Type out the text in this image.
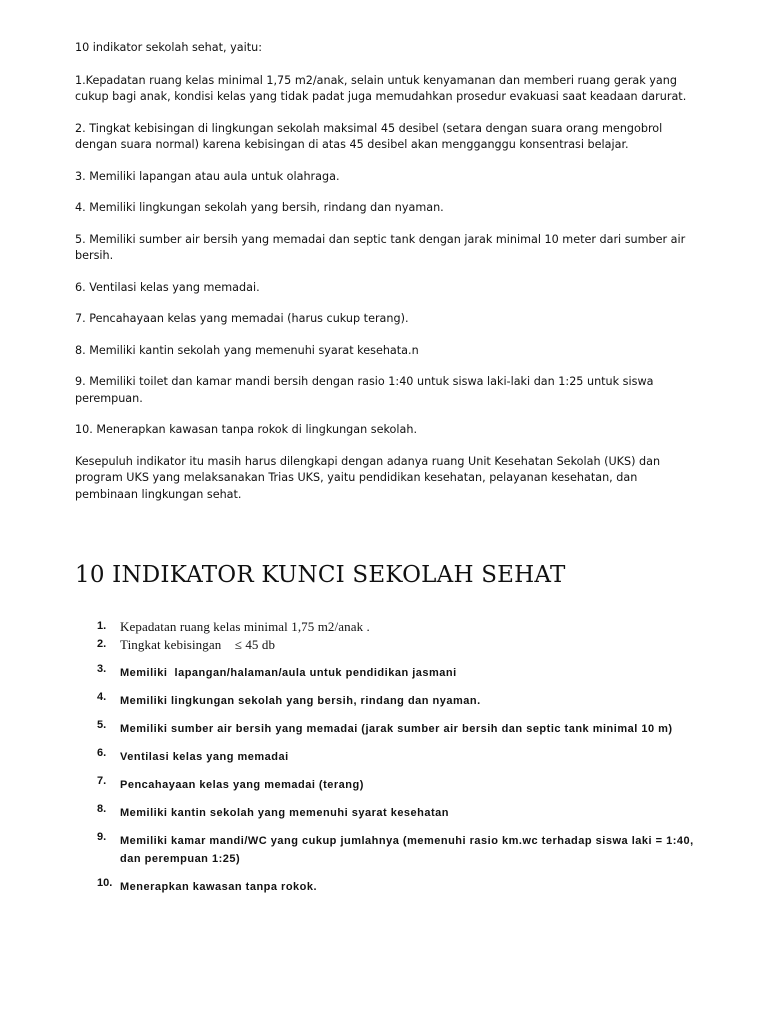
10 indikator sekolah sehat, yaitu:

1.Kepadatan ruang kelas minimal 1,75 m2/anak, selain untuk kenyamanan dan memberi ruang gerak yang cukup bagi anak, kondisi kelas yang tidak padat juga memudahkan prosedur evakuasi saat keadaan darurat.

2. Tingkat kebisingan di lingkungan sekolah maksimal 45 desibel (setara dengan suara orang mengobrol dengan suara normal) karena kebisingan di atas 45 desibel akan mengganggu konsentrasi belajar.

3. Memiliki lapangan atau aula untuk olahraga.

4. Memiliki lingkungan sekolah yang bersih, rindang dan nyaman.

5. Memiliki sumber air bersih yang memadai dan septic tank dengan jarak minimal 10 meter dari sumber air bersih.

6. Ventilasi kelas yang memadai.

7. Pencahayaan kelas yang memadai (harus cukup terang).

8. Memiliki kantin sekolah yang memenuhi syarat kesehata.n

9. Memiliki toilet dan kamar mandi bersih dengan rasio 1:40 untuk siswa laki-laki dan 1:25 untuk siswa perempuan.

10. Menerapkan kawasan tanpa rokok di lingkungan sekolah.

Kesepuluh indikator itu masih harus dilengkapi dengan adanya ruang Unit Kesehatan Sekolah (UKS) dan program UKS yang melaksanakan Trias UKS, yaitu pendidikan kesehatan, pelayanan kesehatan, dan pembinaan lingkungan sehat.

10 INDIKATOR KUNCI SEKOLAH SEHAT
1. Kepadatan ruang kelas minimal 1,75 m2/anak .
2. Tingkat kebisingan    ≤ 45 db
3. Memiliki  lapangan/halaman/aula untuk pendidikan jasmani
4. Memiliki lingkungan sekolah yang bersih, rindang dan nyaman.
5. Memiliki sumber air bersih yang memadai (jarak sumber air bersih dan septic tank minimal 10 m)
6. Ventilasi kelas yang memadai
7. Pencahayaan kelas yang memadai (terang)
8. Memiliki kantin sekolah yang memenuhi syarat kesehatan
9. Memiliki kamar mandi/WC yang cukup jumlahnya (memenuhi rasio km.wc terhadap siswa laki = 1:40, dan perempuan 1:25)
10. Menerapkan kawasan tanpa rokok.
